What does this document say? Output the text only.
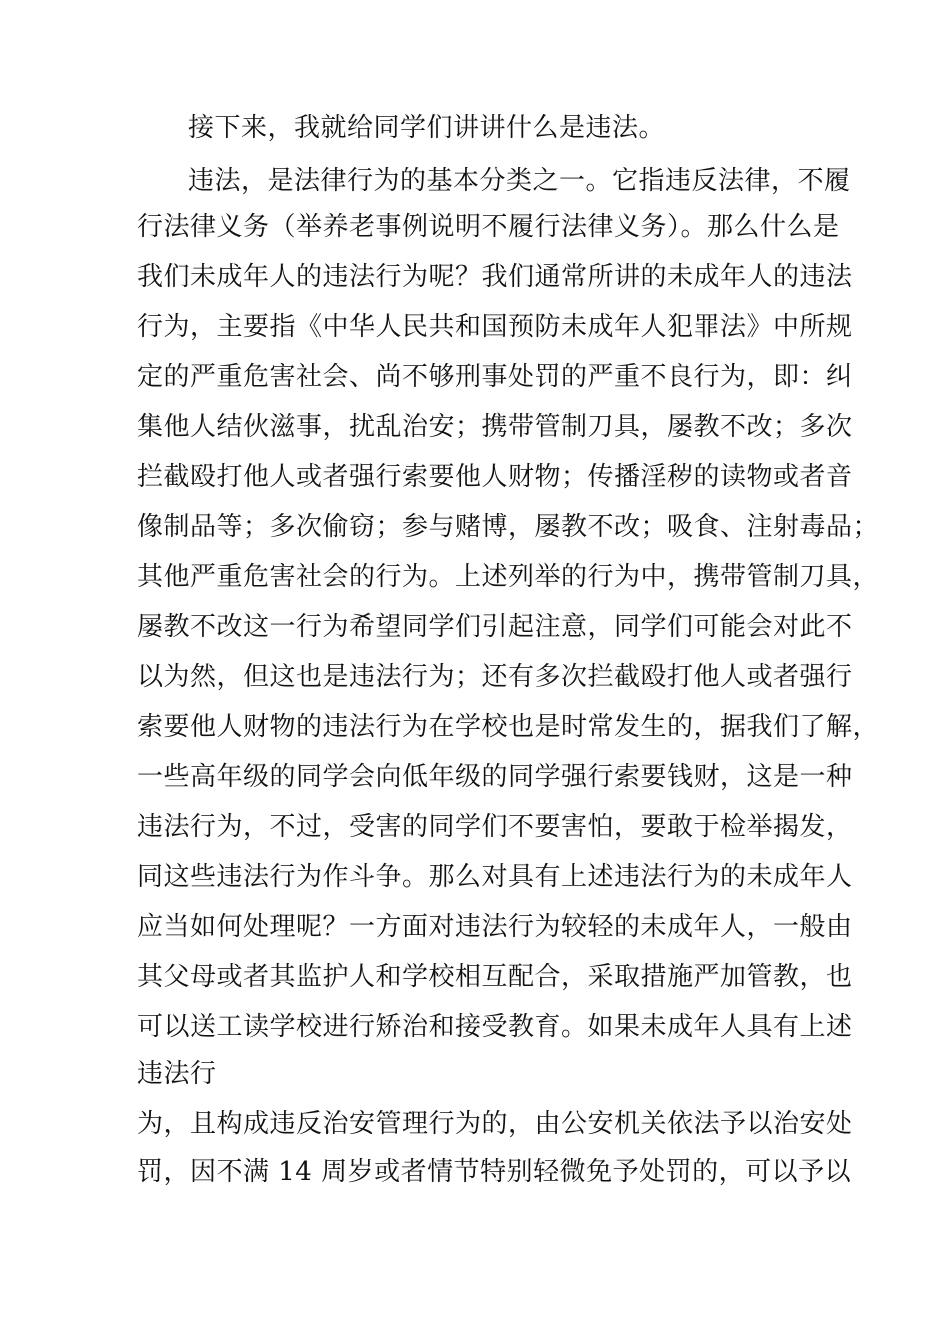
接下来，我就给同学们讲讲什么是违法。
违法，是法律行为的基本分类之一。它指违反法律，不履
行法律义务（举养老事例说明不履行法律义务）。那么什么是
我们未成年人的违法行为呢？我们通常所讲的未成年人的违法
行为，主要指《中华人民共和国预防未成年人犯罪法》中所规
定的严重危害社会、尚不够刑事处罚的严重不良行为，即：纠
集他人结伙滋事，扰乱治安；携带管制刀具，屡教不改；多次
拦截殴打他人或者强行索要他人财物；传播淫秽的读物或者音
像制品等；多次偷窃；参与赌博，屡教不改；吸食、注射毒品；
其他严重危害社会的行为。上述列举的行为中，携带管制刀具，
屡教不改这一行为希望同学们引起注意，同学们可能会对此不
以为然，但这也是违法行为；还有多次拦截殴打他人或者强行
索要他人财物的违法行为在学校也是时常发生的，据我们了解，
一些高年级的同学会向低年级的同学强行索要钱财，这是一种
违法行为，不过，受害的同学们不要害怕，要敢于检举揭发，
同这些违法行为作斗争。那么对具有上述违法行为的未成年人
应当如何处理呢？一方面对违法行为较轻的未成年人，一般由
其父母或者其监护人和学校相互配合，采取措施严加管教，也
可以送工读学校进行矫治和接受教育。如果未成年人具有上述
违法行
为，且构成违反治安管理行为的，由公安机关依法予以治安处
罚，因不满 14 周岁或者情节特别轻微免予处罚的，可以予以
